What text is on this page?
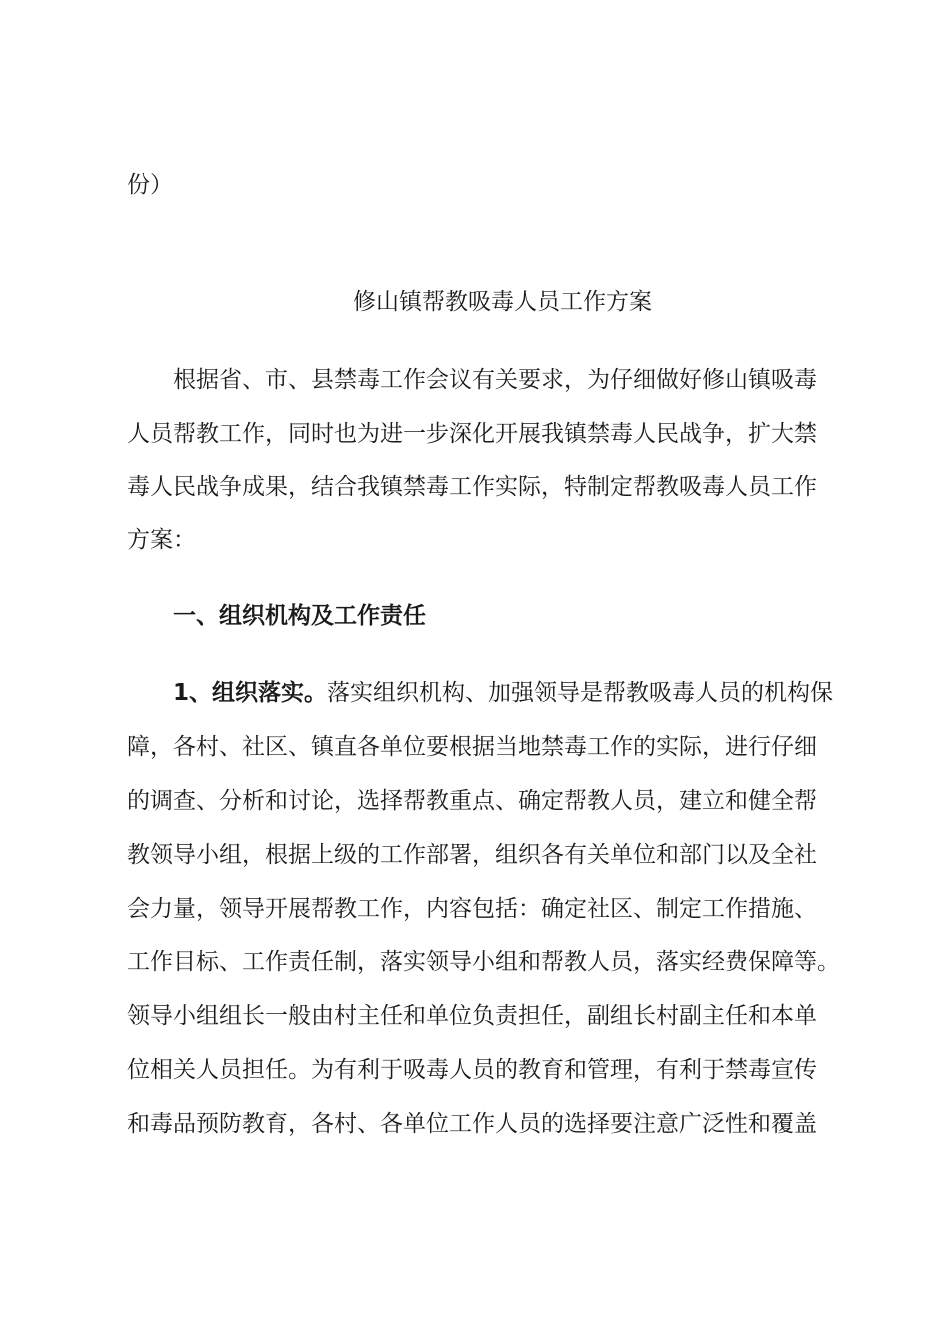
份）
修山镇帮教吸毒人员工作方案
根据省、市、县禁毒工作会议有关要求，为仔细做好修山镇吸毒
人员帮教工作，同时也为进一步深化开展我镇禁毒人民战争，扩大禁
毒人民战争成果，结合我镇禁毒工作实际，特制定帮教吸毒人员工作
方案：
一、组织机构及工作责任
1、组织落实。落实组织机构、加强领导是帮教吸毒人员的机构保
障，各村、社区、镇直各单位要根据当地禁毒工作的实际，进行仔细
的调查、分析和讨论，选择帮教重点、确定帮教人员，建立和健全帮
教领导小组，根据上级的工作部署，组织各有关单位和部门以及全社
会力量，领导开展帮教工作，内容包括：确定社区、制定工作措施、
工作目标、工作责任制，落实领导小组和帮教人员，落实经费保障等。
领导小组组长一般由村主任和单位负责担任，副组长村副主任和本单
位相关人员担任。为有利于吸毒人员的教育和管理，有利于禁毒宣传
和毒品预防教育，各村、各单位工作人员的选择要注意广泛性和覆盖
